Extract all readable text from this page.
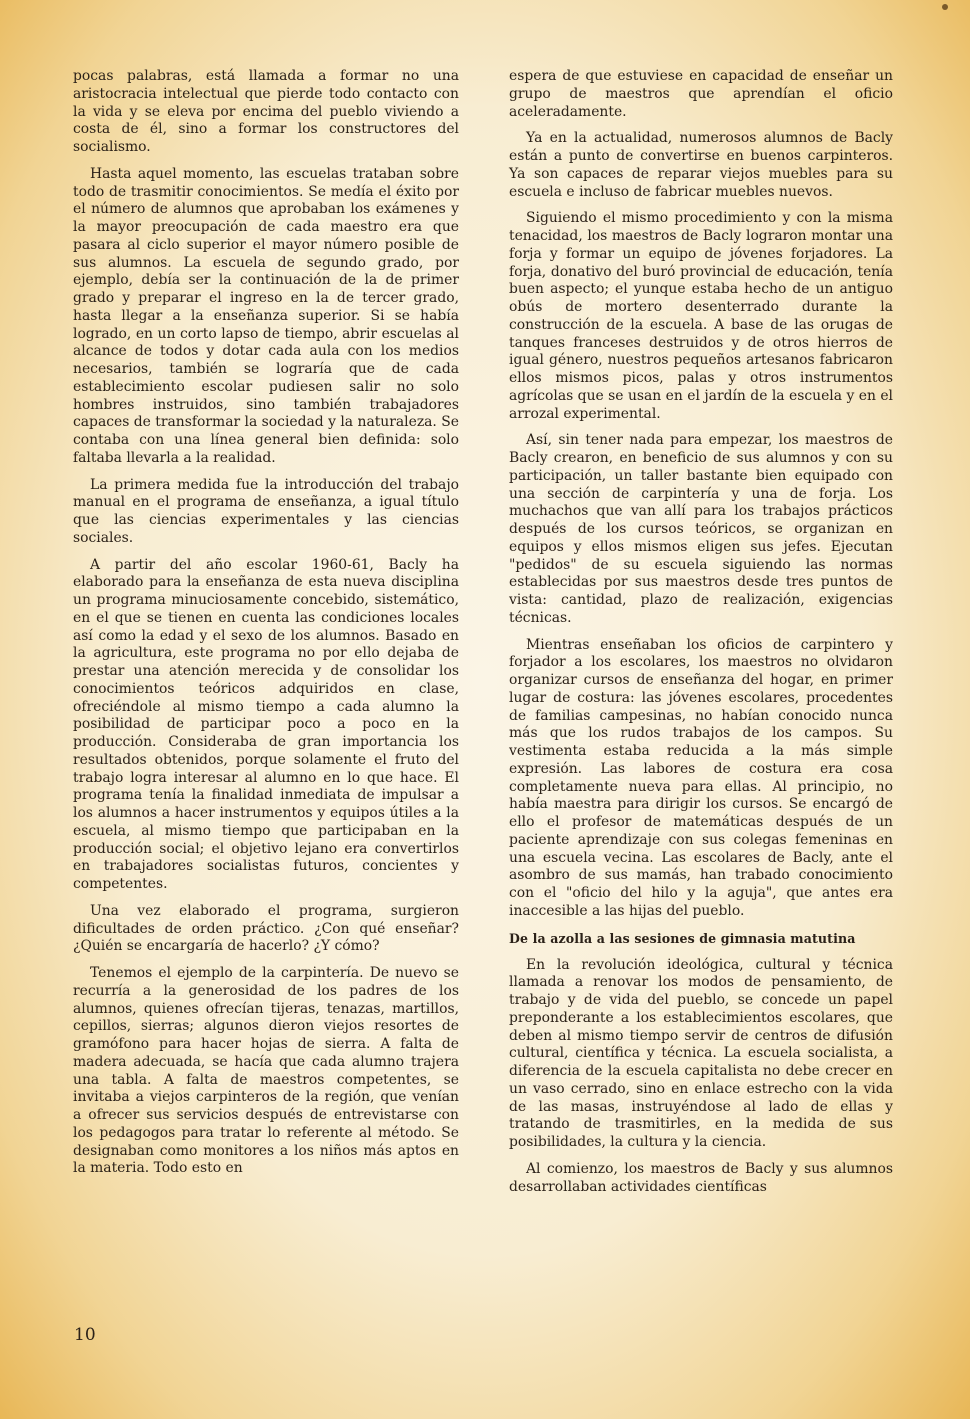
pocas palabras, está llamada a formar no una aristocracia intelectual que pierde todo contacto con la vida y se eleva por encima del pueblo viviendo a costa de él, sino a formar los constructores del socialismo.

Hasta aquel momento, las escuelas trataban sobre todo de trasmitir conocimientos. Se medía el éxito por el número de alumnos que aprobaban los exámenes y la mayor preocupación de cada maestro era que pasara al ciclo superior el mayor número posible de sus alumnos. La escuela de segundo grado, por ejemplo, debía ser la continuación de la de primer grado y preparar el ingreso en la de tercer grado, hasta llegar a la enseñanza superior. Si se había logrado, en un corto lapso de tiempo, abrir escuelas al alcance de todos y dotar cada aula con los medios necesarios, también se lograría que de cada establecimiento escolar pudiesen salir no solo hombres instruidos, sino también trabajadores capaces de transformar la sociedad y la naturaleza. Se contaba con una línea general bien definida: solo faltaba llevarla a la realidad.

La primera medida fue la introducción del trabajo manual en el programa de enseñanza, a igual título que las ciencias experimentales y las ciencias sociales.

A partir del año escolar 1960-61, Bacly ha elaborado para la enseñanza de esta nueva disciplina un programa minuciosamente concebido, sistemático, en el que se tienen en cuenta las condiciones locales así como la edad y el sexo de los alumnos. Basado en la agricultura, este programa no por ello dejaba de prestar una atención merecida y de consolidar los conocimientos teóricos adquiridos en clase, ofreciéndole al mismo tiempo a cada alumno la posibilidad de participar poco a poco en la producción. Consideraba de gran importancia los resultados obtenidos, porque solamente el fruto del trabajo logra interesar al alumno en lo que hace. El programa tenía la finalidad inmediata de impulsar a los alumnos a hacer instrumentos y equipos útiles a la escuela, al mismo tiempo que participaban en la producción social; el objetivo lejano era convertirlos en trabajadores socialistas futuros, concientes y competentes.

Una vez elaborado el programa, surgieron dificultades de orden práctico. ¿Con qué enseñar? ¿Quién se encargaría de hacerlo? ¿Y cómo?

Tenemos el ejemplo de la carpintería. De nuevo se recurría a la generosidad de los padres de los alumnos, quienes ofrecían tijeras, tenazas, martillos, cepillos, sierras; algunos dieron viejos resortes de gramófono para hacer hojas de sierra. A falta de madera adecuada, se hacía que cada alumno trajera una tabla. A falta de maestros competentes, se invitaba a viejos carpinteros de la región, que venían a ofrecer sus servicios después de entrevistarse con los pedagogos para tratar lo referente al método. Se designaban como monitores a los niños más aptos en la materia. Todo esto en

espera de que estuviese en capacidad de enseñar un grupo de maestros que aprendían el oficio aceleradamente.

Ya en la actualidad, numerosos alumnos de Bacly están a punto de convertirse en buenos carpinteros. Ya son capaces de reparar viejos muebles para su escuela e incluso de fabricar muebles nuevos.

Siguiendo el mismo procedimiento y con la misma tenacidad, los maestros de Bacly lograron montar una forja y formar un equipo de jóvenes forjadores. La forja, donativo del buró provincial de educación, tenía buen aspecto; el yunque estaba hecho de un antiguo obús de mortero desenterrado durante la construcción de la escuela. A base de las orugas de tanques franceses destruidos y de otros hierros de igual género, nuestros pequeños artesanos fabricaron ellos mismos picos, palas y otros instrumentos agrícolas que se usan en el jardín de la escuela y en el arrozal experimental.

Así, sin tener nada para empezar, los maestros de Bacly crearon, en beneficio de sus alumnos y con su participación, un taller bastante bien equipado con una sección de carpintería y una de forja. Los muchachos que van allí para los trabajos prácticos después de los cursos teóricos, se organizan en equipos y ellos mismos eligen sus jefes. Ejecutan "pedidos" de su escuela siguiendo las normas establecidas por sus maestros desde tres puntos de vista: cantidad, plazo de realización, exigencias técnicas.

Mientras enseñaban los oficios de carpintero y forjador a los escolares, los maestros no olvidaron organizar cursos de enseñanza del hogar, en primer lugar de costura: las jóvenes escolares, procedentes de familias campesinas, no habían conocido nunca más que los rudos trabajos de los campos. Su vestimenta estaba reducida a la más simple expresión. Las labores de costura era cosa completamente nueva para ellas. Al principio, no había maestra para dirigir los cursos. Se encargó de ello el profesor de matemáticas después de un paciente aprendizaje con sus colegas femeninas en una escuela vecina. Las escolares de Bacly, ante el asombro de sus mamás, han trabado conocimiento con el "oficio del hilo y la aguja", que antes era inaccesible a las hijas del pueblo.

De la azolla a las sesiones de gimnasia matutina

En la revolución ideológica, cultural y técnica llamada a renovar los modos de pensamiento, de trabajo y de vida del pueblo, se concede un papel preponderante a los establecimientos escolares, que deben al mismo tiempo servir de centros de difusión cultural, científica y técnica. La escuela socialista, a diferencia de la escuela capitalista no debe crecer en un vaso cerrado, sino en enlace estrecho con la vida de las masas, instruyéndose al lado de ellas y tratando de trasmitirles, en la medida de sus posibilidades, la cultura y la ciencia.

Al comienzo, los maestros de Bacly y sus alumnos desarrollaban actividades científicas

10
